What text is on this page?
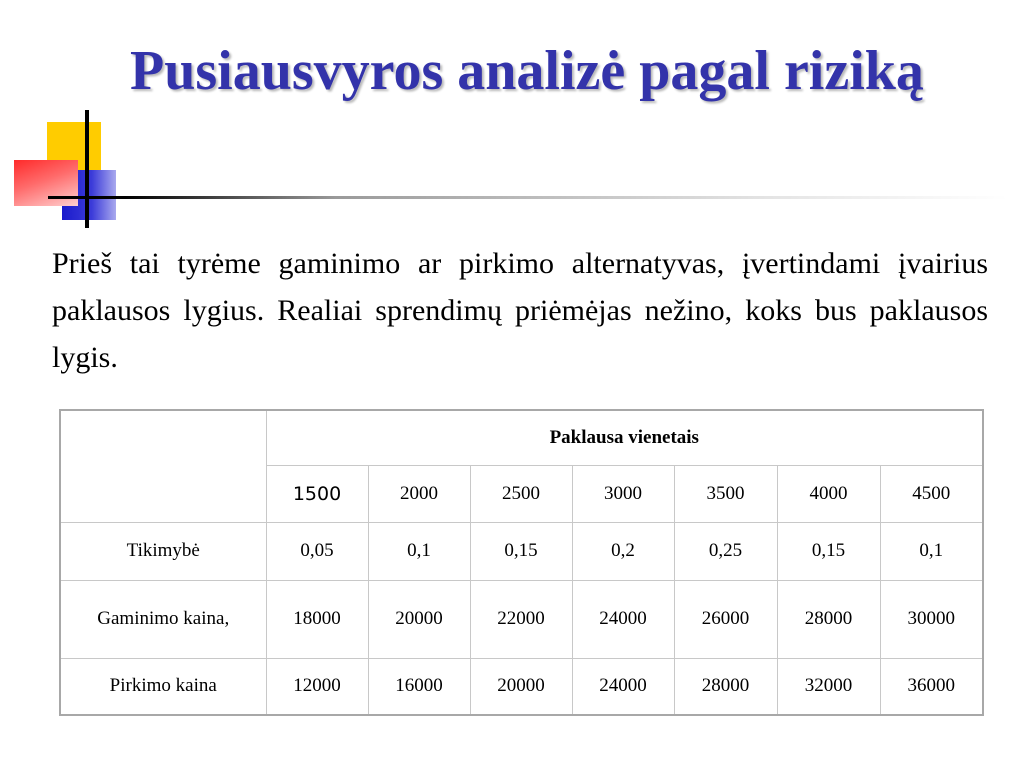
Pusiausvyros analizė pagal riziką

Prieš tai tyrėme gaminimo ar pirkimo alternatyvas, įvertindami įvairius paklausos lygius. Realiai sprendimų priėmėjas nežino, koks bus paklausos lygis.

	Paklausa vienetais						
	1500	2000	2500	3000	3500	4000	4500
Tikimybė	0,05	0,1	0,15	0,2	0,25	0,15	0,1
Gaminimo kaina,	18000	20000	22000	24000	26000	28000	30000
Pirkimo kaina	12000	16000	20000	24000	28000	32000	36000
